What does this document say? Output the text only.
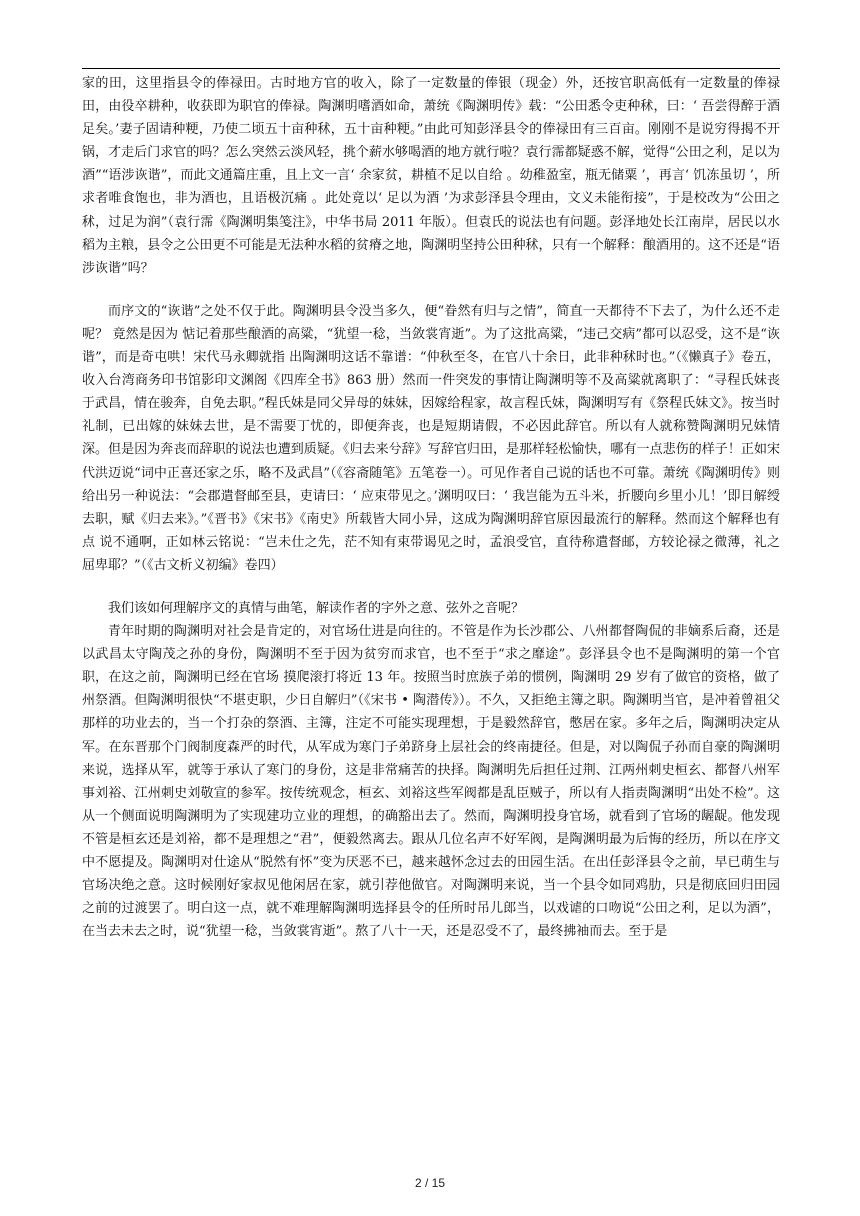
家的田，这里指县令的俸禄田。古时地方官的收入，除了一定数量的俸银（现金）外，还按官职高低有一定数量的俸禄田，由役卒耕种，收获即为职官的俸禄。陶渊明嗜酒如命，萧统《陶渊明传》载：“公田悉令吏种秫，曰：‘ 吾尝得醉于酒足矣。’妻子固请种粳，乃使二顷五十亩种秫，五十亩种粳。”由此可知彭泽县令的俸禄田有三百亩。刚刚不是说穷得揭不开锅，才走后门求官的吗？怎么突然云淡风轻，挑个薪水够喝酒的地方就行啦？袁行霈都疑惑不解，觉得“公田之利，足以为酒”“语涉诙谐”，而此文通篇庄重，且上文一言‘ 余家贫，耕植不足以自给 。幼稚盈室，瓶无储粟 ’，再言‘ 饥冻虽切 ’，所求者唯食饱也，非为酒也，且语极沉痛 。此处竟以‘ 足以为酒 ’为求彭泽县令理由，文义未能衔接”，于是校改为“公田之秫，过足为润”（袁行霈《陶渊明集笺注》，中华书局 2011 年版）。但袁氏的说法也有问题。彭泽地处长江南岸，居民以水稻为主粮，县令之公田更不可能是无法种水稻的贫瘠之地，陶渊明坚持公田种秫，只有一个解释：酿酒用的。这不还是“语涉诙谐”吗？

而序文的“诙谐”之处不仅于此。陶渊明县令没当多久，便“眷然有归与之情”，简直一天都待不下去了，为什么还不走呢？ 竟然是因为 惦记着那些酿酒的高粱，“犹望一稔，当敛裳宵逝”。为了这批高粱，“违己交病”都可以忍受，这不是“诙谐”，而是奇屯哄！宋代马永卿就指 出陶渊明这话不靠谱：“仲秋至冬，在官八十余日，此非种秫时也。”（《懒真子》卷五，收入台湾商务印书馆影印文渊阁《四库全书》863 册）然而一件突发的事情让陶渊明等不及高粱就离职了：“寻程氏妹丧于武昌，情在骏奔，自免去职。”程氏妹是同父异母的妹妹，因嫁给程家，故言程氏妹，陶渊明写有《祭程氏妹文》。按当时礼制，已出嫁的妹妹去世，是不需要丁忧的，即便奔丧，也是短期请假，不必因此辞官。所以有人就称赞陶渊明兄妹情深。但是因为奔丧而辞职的说法也遭到质疑。《归去来兮辞》写辞官归田，是那样轻松愉快，哪有一点悲伤的样子！正如宋代洪迈说“词中正喜还家之乐，略不及武昌”（《容斋随笔》五笔卷一）。可见作者自己说的话也不可靠。萧统《陶渊明传》则给出另一种说法：“会郡遣督邮至县，吏请曰：‘ 应束带见之。’渊明叹曰：‘ 我岂能为五斗米，折腰向乡里小儿！’即日解绶去职，赋《归去来》。”《晋书》《宋书》《南史》所载皆大同小异，这成为陶渊明辞官原因最流行的解释。然而这个解释也有点 说不通啊，正如林云铭说：“岂未仕之先，茫不知有束带谒见之时，孟浪受官，直待称遣督邮，方较论禄之微薄，礼之屈卑耶？”（《古文析义初编》卷四）

我们该如何理解序文的真情与曲笔，解读作者的字外之意、弦外之音呢？

青年时期的陶渊明对社会是肯定的，对官场仕进是向往的。不管是作为长沙郡公、八州都督陶侃的非嫡系后裔，还是以武昌太守陶茂之孙的身份，陶渊明不至于因为贫穷而求官，也不至于“求之靡途”。彭泽县令也不是陶渊明的第一个官职，在这之前，陶渊明已经在官场 摸爬滚打将近 13 年。按照当时庶族子弟的惯例，陶渊明 29 岁有了做官的资格，做了州祭酒。但陶渊明很快“不堪吏职，少日自解归”（《宋书 • 陶潜传》）。不久，又拒绝主簿之职。陶渊明当官，是冲着曾祖父那样的功业去的，当一个打杂的祭酒、主簿，注定不可能实现理想，于是毅然辞官，憋居在家。多年之后，陶渊明决定从军。在东晋那个门阀制度森严的时代，从军成为寒门子弟跻身上层社会的终南捷径。但是，对以陶侃子孙而自豪的陶渊明来说，选择从军，就等于承认了寒门的身份，这是非常痛苦的抉择。陶渊明先后担任过荆、江两州刺史桓玄、都督八州军事刘裕、江州刺史刘敬宣的参军。按传统观念，桓玄、刘裕这些军阀都是乱臣贼子，所以有人指责陶渊明“出处不检”。这从一个侧面说明陶渊明为了实现建功立业的理想，的确豁出去了。然而，陶渊明投身官场，就看到了官场的龌龊。他发现不管是桓玄还是刘裕，都不是理想之“君”，便毅然离去。跟从几位名声不好军阀，是陶渊明最为后悔的经历，所以在序文中不愿提及。陶渊明对仕途从“脱然有怀”变为厌恶不已，越来越怀念过去的田园生活。在出任彭泽县令之前，早已萌生与官场决绝之意。这时候刚好家叔见他闲居在家，就引荐他做官。对陶渊明来说，当一个县令如同鸡肋，只是彻底回归田园之前的过渡罢了。明白这一点，就不难理解陶渊明选择县令的任所时吊儿郎当，以戏谑的口吻说“公田之利，足以为酒”，在当去未去之时，说“犹望一稔，当敛裳宵逝”。熬了八十一天，还是忍受不了，最终拂袖而去。至于是

2 / 15
